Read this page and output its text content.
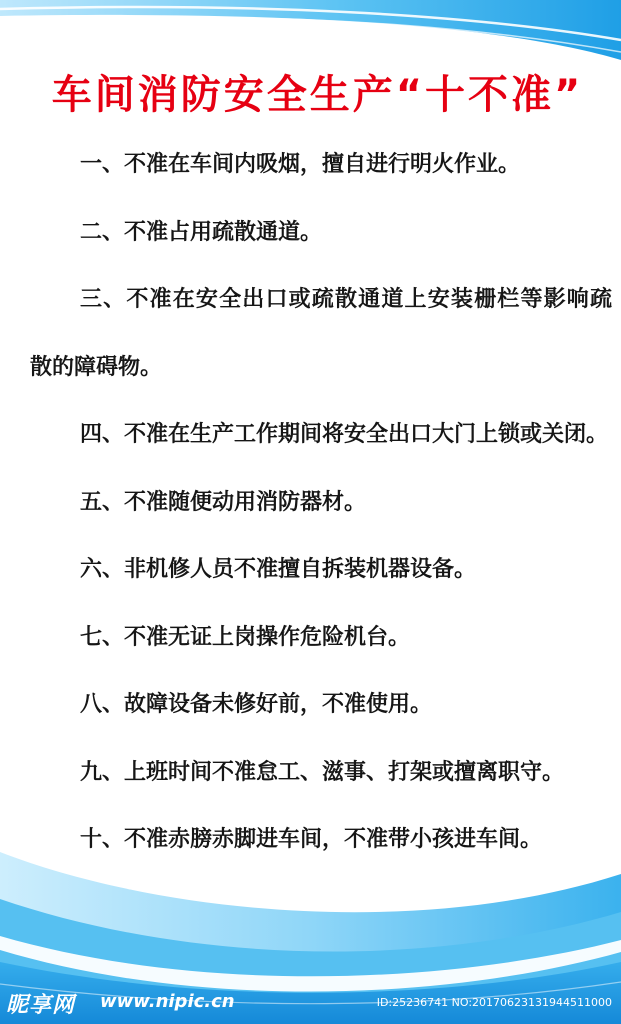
车间消防安全生产“十不准”
一、不准在车间内吸烟，擅自进行明火作业。
二、不准占用疏散通道。
三、不准在安全出口或疏散通道上安装栅栏等影响疏
散的障碍物。
四、不准在生产工作期间将安全出口大门上锁或关闭。
五、不准随便动用消防器材。
六、非机修人员不准擅自拆装机器设备。
七、不准无证上岗操作危险机台。
八、故障设备未修好前，不准使用。
九、上班时间不准怠工、滋事、打架或擅离职守。
十、不准赤膀赤脚进车间，不准带小孩进车间。
昵享网 www.nipic.cn	ID:25236741 NO:20170623131944511000
